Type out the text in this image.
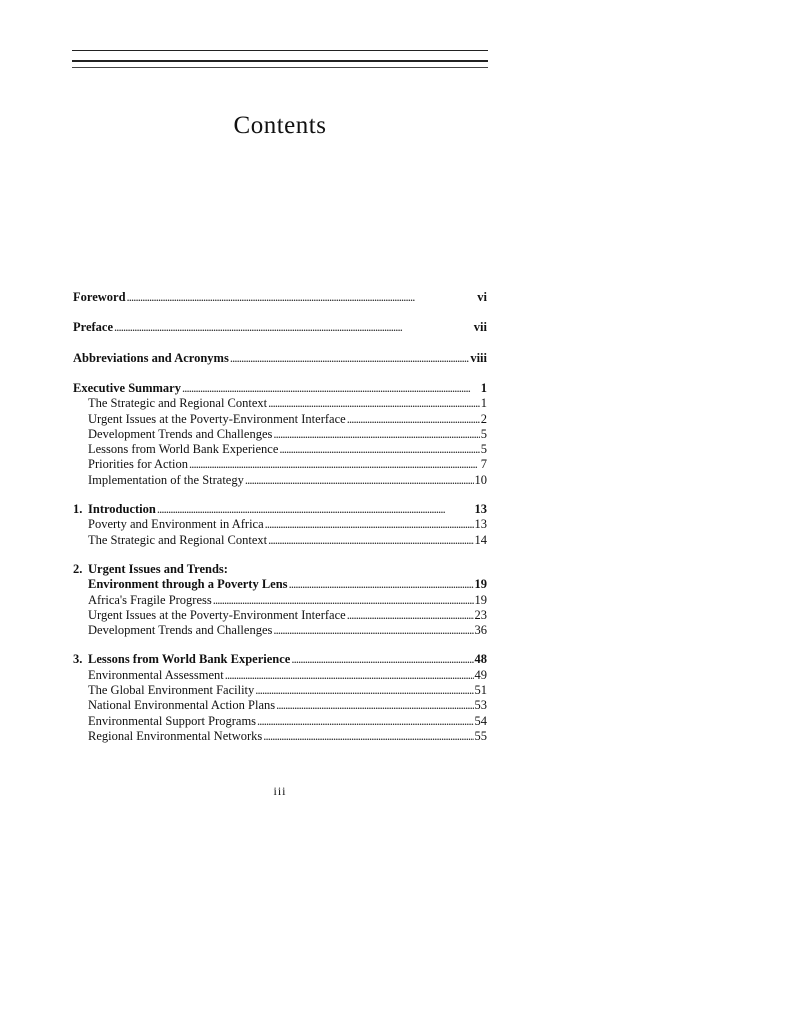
Contents
Foreword . . .	vi
Preface . . .	vii
Abbreviations and Acronyms . . .	viii
Executive Summary . . .	1
The Strategic and Regional Context . . .	1
Urgent Issues at the Poverty-Environment Interface . . .	2
Development Trends and Challenges . . .	5
Lessons from World Bank Experience . . .	5
Priorities for Action . . .	7
Implementation of the Strategy . . .	10
1. Introduction . . .	13
Poverty and Environment in Africa . . .	13
The Strategic and Regional Context . . .	14
2. Urgent Issues and Trends:
Environment through a Poverty Lens . . .	19
Africa's Fragile Progress . . .	19
Urgent Issues at the Poverty-Environment Interface . . .	23
Development Trends and Challenges . . .	36
3. Lessons from World Bank Experience . . .	48
Environmental Assessment . . .	49
The Global Environment Facility . . .	51
National Environmental Action Plans . . .	53
Environmental Support Programs . . .	54
Regional Environmental Networks . . .	55
iii
